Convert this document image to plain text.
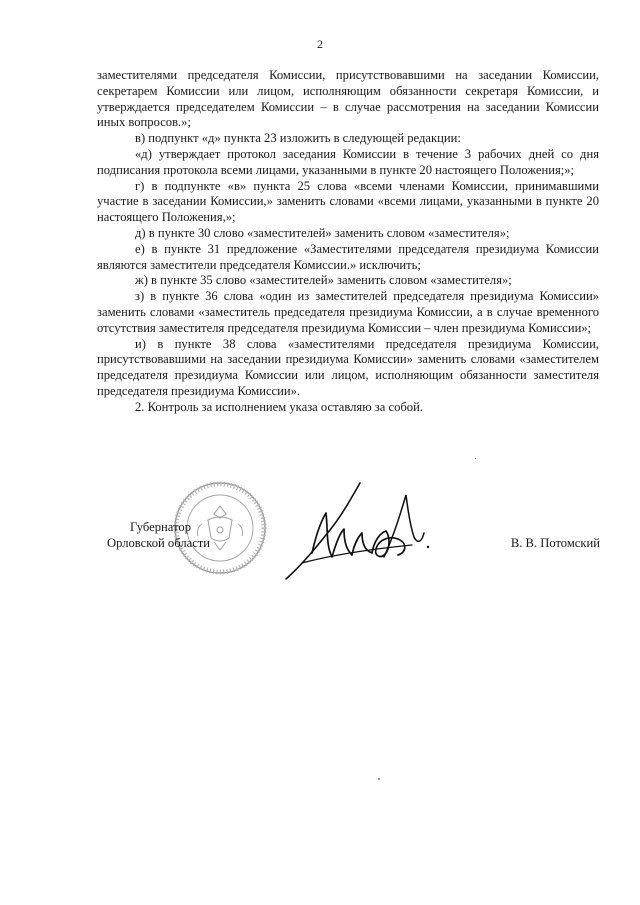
2

заместителями председателя Комиссии, присутствовавшими на заседании Комиссии, секретарем Комиссии или лицом, исполняющим обязанности секретаря Комиссии, и утверждается председателем Комиссии – в случае рассмотрения на заседании Комиссии иных вопросов.»;

в) подпункт «д» пункта 23 изложить в следующей редакции:

«д) утверждает протокол заседания Комиссии в течение 3 рабочих дней со дня подписания протокола всеми лицами, указанными в пункте 20 настоящего Положения;»;

г) в подпункте «в» пункта 25 слова «всеми членами Комиссии, принимавшими участие в заседании Комиссии,» заменить словами «всеми лицами, указанными в пункте 20 настоящего Положения,»;

д) в пункте 30 слово «заместителей» заменить словом «заместителя»;

е) в пункте 31 предложение «Заместителями председателя президиума Комиссии являются заместители председателя Комиссии.» исключить;

ж) в пункте 35 слово «заместителей» заменить словом «заместителя»;

з) в пункте 36 слова «один из заместителей председателя президиума Комиссии» заменить словами «заместитель председателя президиума Комиссии, а в случае временного отсутствия заместителя председателя президиума Комиссии – член президиума Комиссии»;

и) в пункте 38 слова «заместителями председателя президиума Комиссии, присутствовавшими на заседании президиума Комиссии» заменить словами «заместителем председателя президиума Комиссии или лицом, исполняющим обязанности заместителя председателя президиума Комиссии».

2. Контроль за исполнением указа оставляю за собой.

Губернатор
Орловской области	В. В. Потомский
